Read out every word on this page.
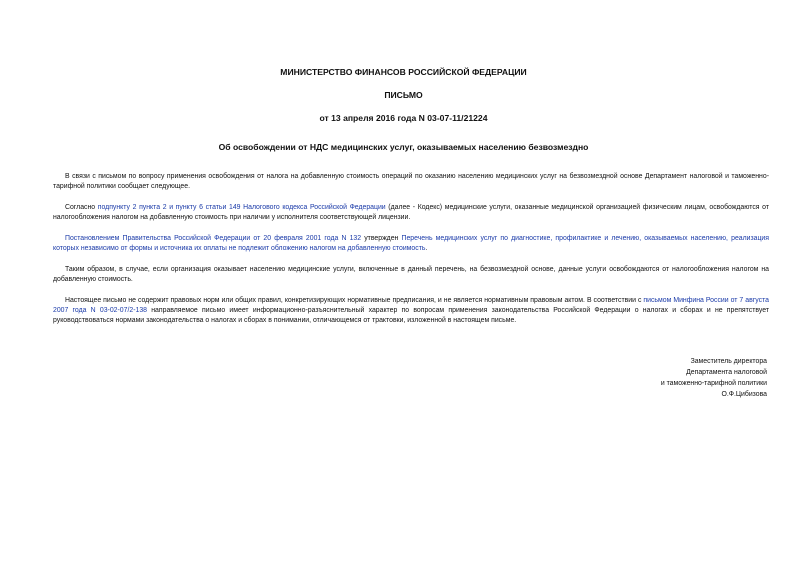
МИНИСТЕРСТВО ФИНАНСОВ РОССИЙСКОЙ ФЕДЕРАЦИИ
ПИСЬМО
от 13 апреля 2016 года N 03-07-11/21224
Об освобождении от НДС медицинских услуг, оказываемых населению безвозмездно

В связи с письмом по вопросу применения освобождения от налога на добавленную стоимость операций по оказанию населению медицинских услуг на безвозмездной основе Департамент налоговой и таможенно-тарифной политики сообщает следующее.

Согласно подпункту 2 пункта 2 и пункту 6 статьи 149 Налогового кодекса Российской Федерации (далее - Кодекс) медицинские услуги, оказанные медицинской организацией физическим лицам, освобождаются от налогообложения налогом на добавленную стоимость при наличии у исполнителя соответствующей лицензии.

Постановлением Правительства Российской Федерации от 20 февраля 2001 года N 132 утвержден Перечень медицинских услуг по диагностике, профилактике и лечению, оказываемых населению, реализация которых независимо от формы и источника их оплаты не подлежит обложению налогом на добавленную стоимость.

Таким образом, в случае, если организация оказывает населению медицинские услуги, включенные в данный перечень, на безвозмездной основе, данные услуги освобождаются от налогообложения налогом на добавленную стоимость.

Настоящее письмо не содержит правовых норм или общих правил, конкретизирующих нормативные предписания, и не является нормативным правовым актом. В соответствии с письмом Минфина России от 7 августа 2007 года N 03-02-07/2-138 направляемое письмо имеет информационно-разъяснительный характер по вопросам применения законодательства Российской Федерации о налогах и сборах и не препятствует руководствоваться нормами законодательства о налогах и сборах в понимании, отличающемся от трактовки, изложенной в настоящем письме.

Заместитель директора
Департамента налоговой
и таможенно-тарифной политики
О.Ф.Цибизова
